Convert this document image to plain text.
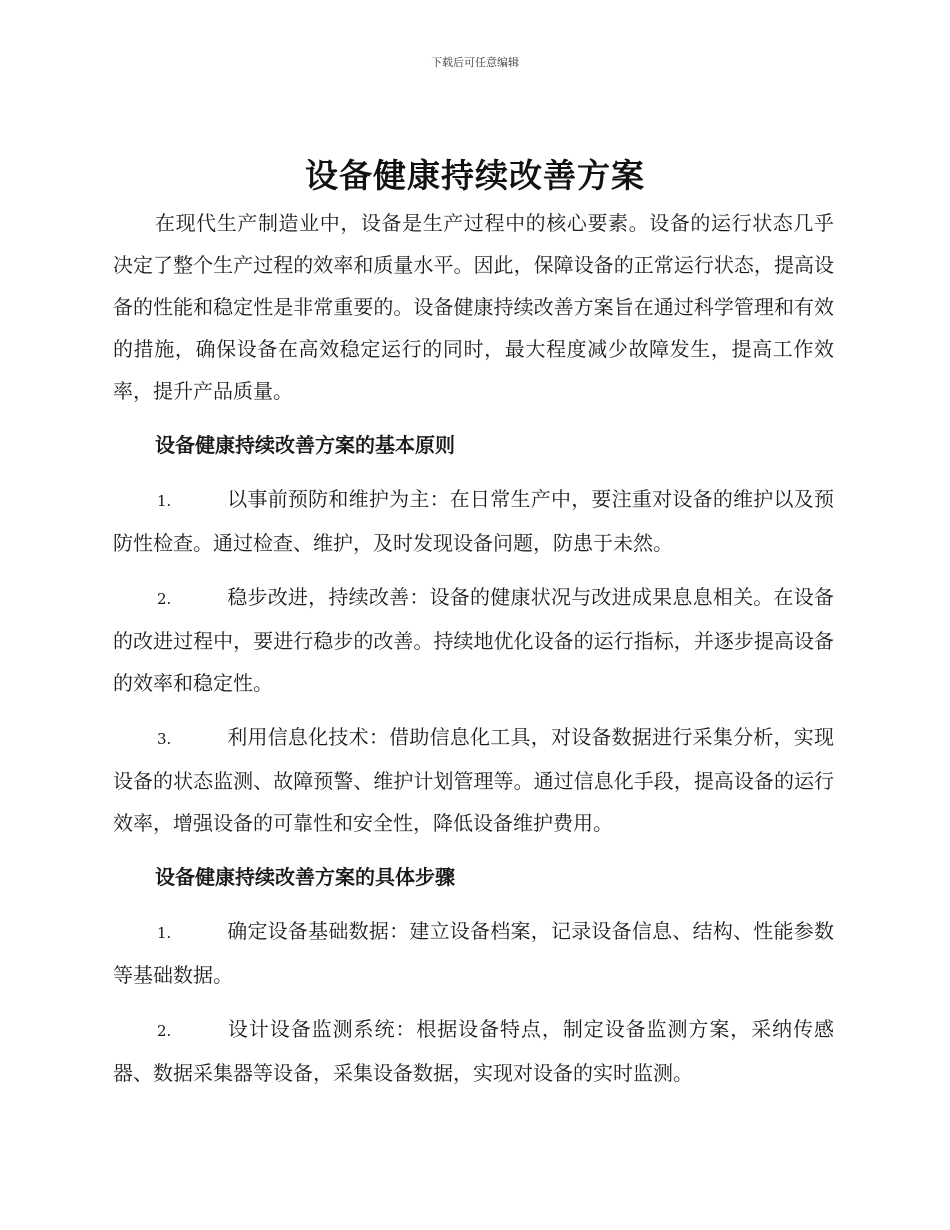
下载后可任意编辑
设备健康持续改善方案

在现代生产制造业中，设备是生产过程中的核心要素。设备的运行状态几乎决定了整个生产过程的效率和质量水平。因此，保障设备的正常运行状态，提高设备的性能和稳定性是非常重要的。设备健康持续改善方案旨在通过科学管理和有效的措施，确保设备在高效稳定运行的同时，最大程度减少故障发生，提高工作效率，提升产品质量。

设备健康持续改善方案的基本原则

1.	以事前预防和维护为主：在日常生产中，要注重对设备的维护以及预防性检查。通过检查、维护，及时发现设备问题，防患于未然。

2.	稳步改进，持续改善：设备的健康状况与改进成果息息相关。在设备的改进过程中，要进行稳步的改善。持续地优化设备的运行指标，并逐步提高设备的效率和稳定性。

3.	利用信息化技术：借助信息化工具，对设备数据进行采集分析，实现设备的状态监测、故障预警、维护计划管理等。通过信息化手段，提高设备的运行效率，增强设备的可靠性和安全性，降低设备维护费用。

设备健康持续改善方案的具体步骤

1.	确定设备基础数据：建立设备档案，记录设备信息、结构、性能参数等基础数据。

2.	设计设备监测系统：根据设备特点，制定设备监测方案，采纳传感器、数据采集器等设备，采集设备数据，实现对设备的实时监测。
